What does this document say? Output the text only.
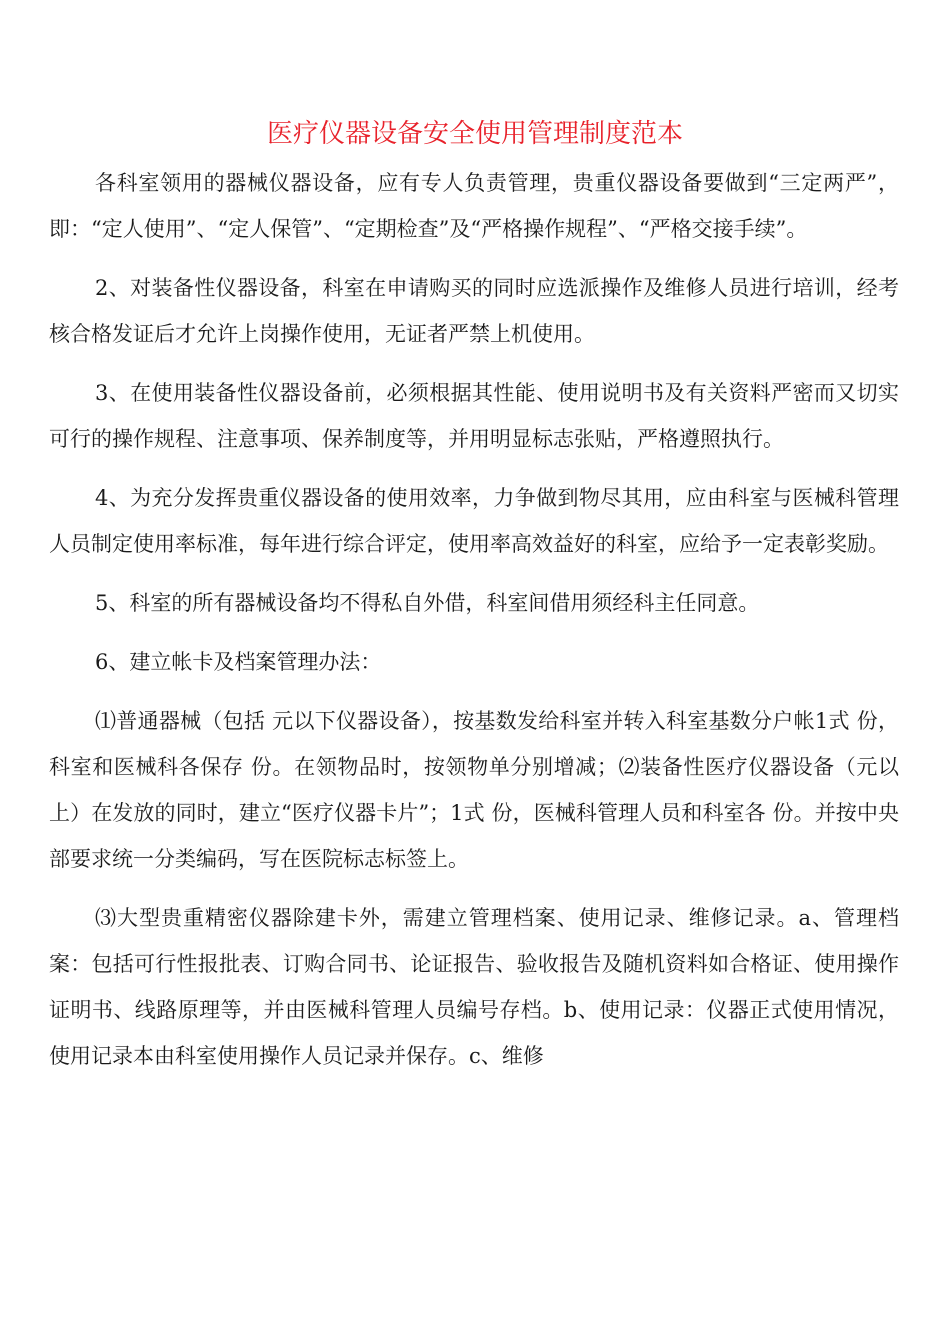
医疗仪器设备安全使用管理制度范本

各科室领用的器械仪器设备，应有专人负责管理，贵重仪器设备要做到“三定两严”，即：“定人使用”、“定人保管”、“定期检查”及“严格操作规程”、“严格交接手续”。

2、对装备性仪器设备，科室在申请购买的同时应选派操作及维修人员进行培训，经考核合格发证后才允许上岗操作使用，无证者严禁上机使用。

3、在使用装备性仪器设备前，必须根据其性能、使用说明书及有关资料严密而又切实可行的操作规程、注意事项、保养制度等，并用明显标志张贴，严格遵照执行。

4、为充分发挥贵重仪器设备的使用效率，力争做到物尽其用，应由科室与医械科管理人员制定使用率标准，每年进行综合评定，使用率高效益好的科室，应给予一定表彰奖励。

5、科室的所有器械设备均不得私自外借，科室间借用须经科主任同意。

6、建立帐卡及档案管理办法：

⑴普通器械（包括 元以下仪器设备），按基数发给科室并转入科室基数分户帐1式 份，科室和医械科各保存 份。在领物品时，按领物单分别增减；⑵装备性医疗仪器设备（元以上）在发放的同时，建立“医疗仪器卡片”；1式 份，医械科管理人员和科室各 份。并按中央 部要求统一分类编码，写在医院标志标签上。

⑶大型贵重精密仪器除建卡外，需建立管理档案、使用记录、维修记录。a、管理档案：包括可行性报批表、订购合同书、论证报告、验收报告及随机资料如合格证、使用操作证明书、线路原理等，并由医械科管理人员编号存档。b、使用记录：仪器正式使用情况，使用记录本由科室使用操作人员记录并保存。c、维修
